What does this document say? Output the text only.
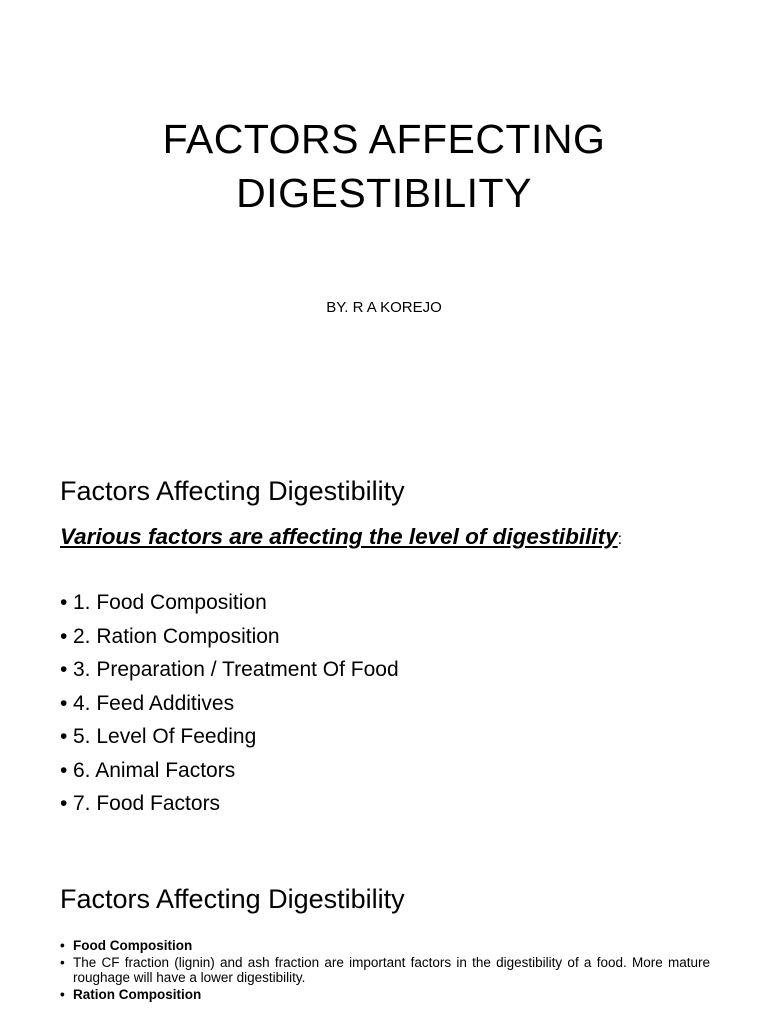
FACTORS AFFECTING
DIGESTIBILITY

BY. R A KOREJO

Factors Affecting Digestibility

Various factors are affecting the level of digestibility:

• 1. Food Composition
• 2. Ration Composition
• 3. Preparation / Treatment Of Food
• 4. Feed Additives
• 5. Level Of Feeding
• 6. Animal Factors
• 7. Food Factors
Factors Affecting Digestibility
• Food Composition
• The CF fraction (lignin) and ash fraction are important factors in the digestibility of a food. More mature roughage will have a lower digestibility.
• Ration Composition
